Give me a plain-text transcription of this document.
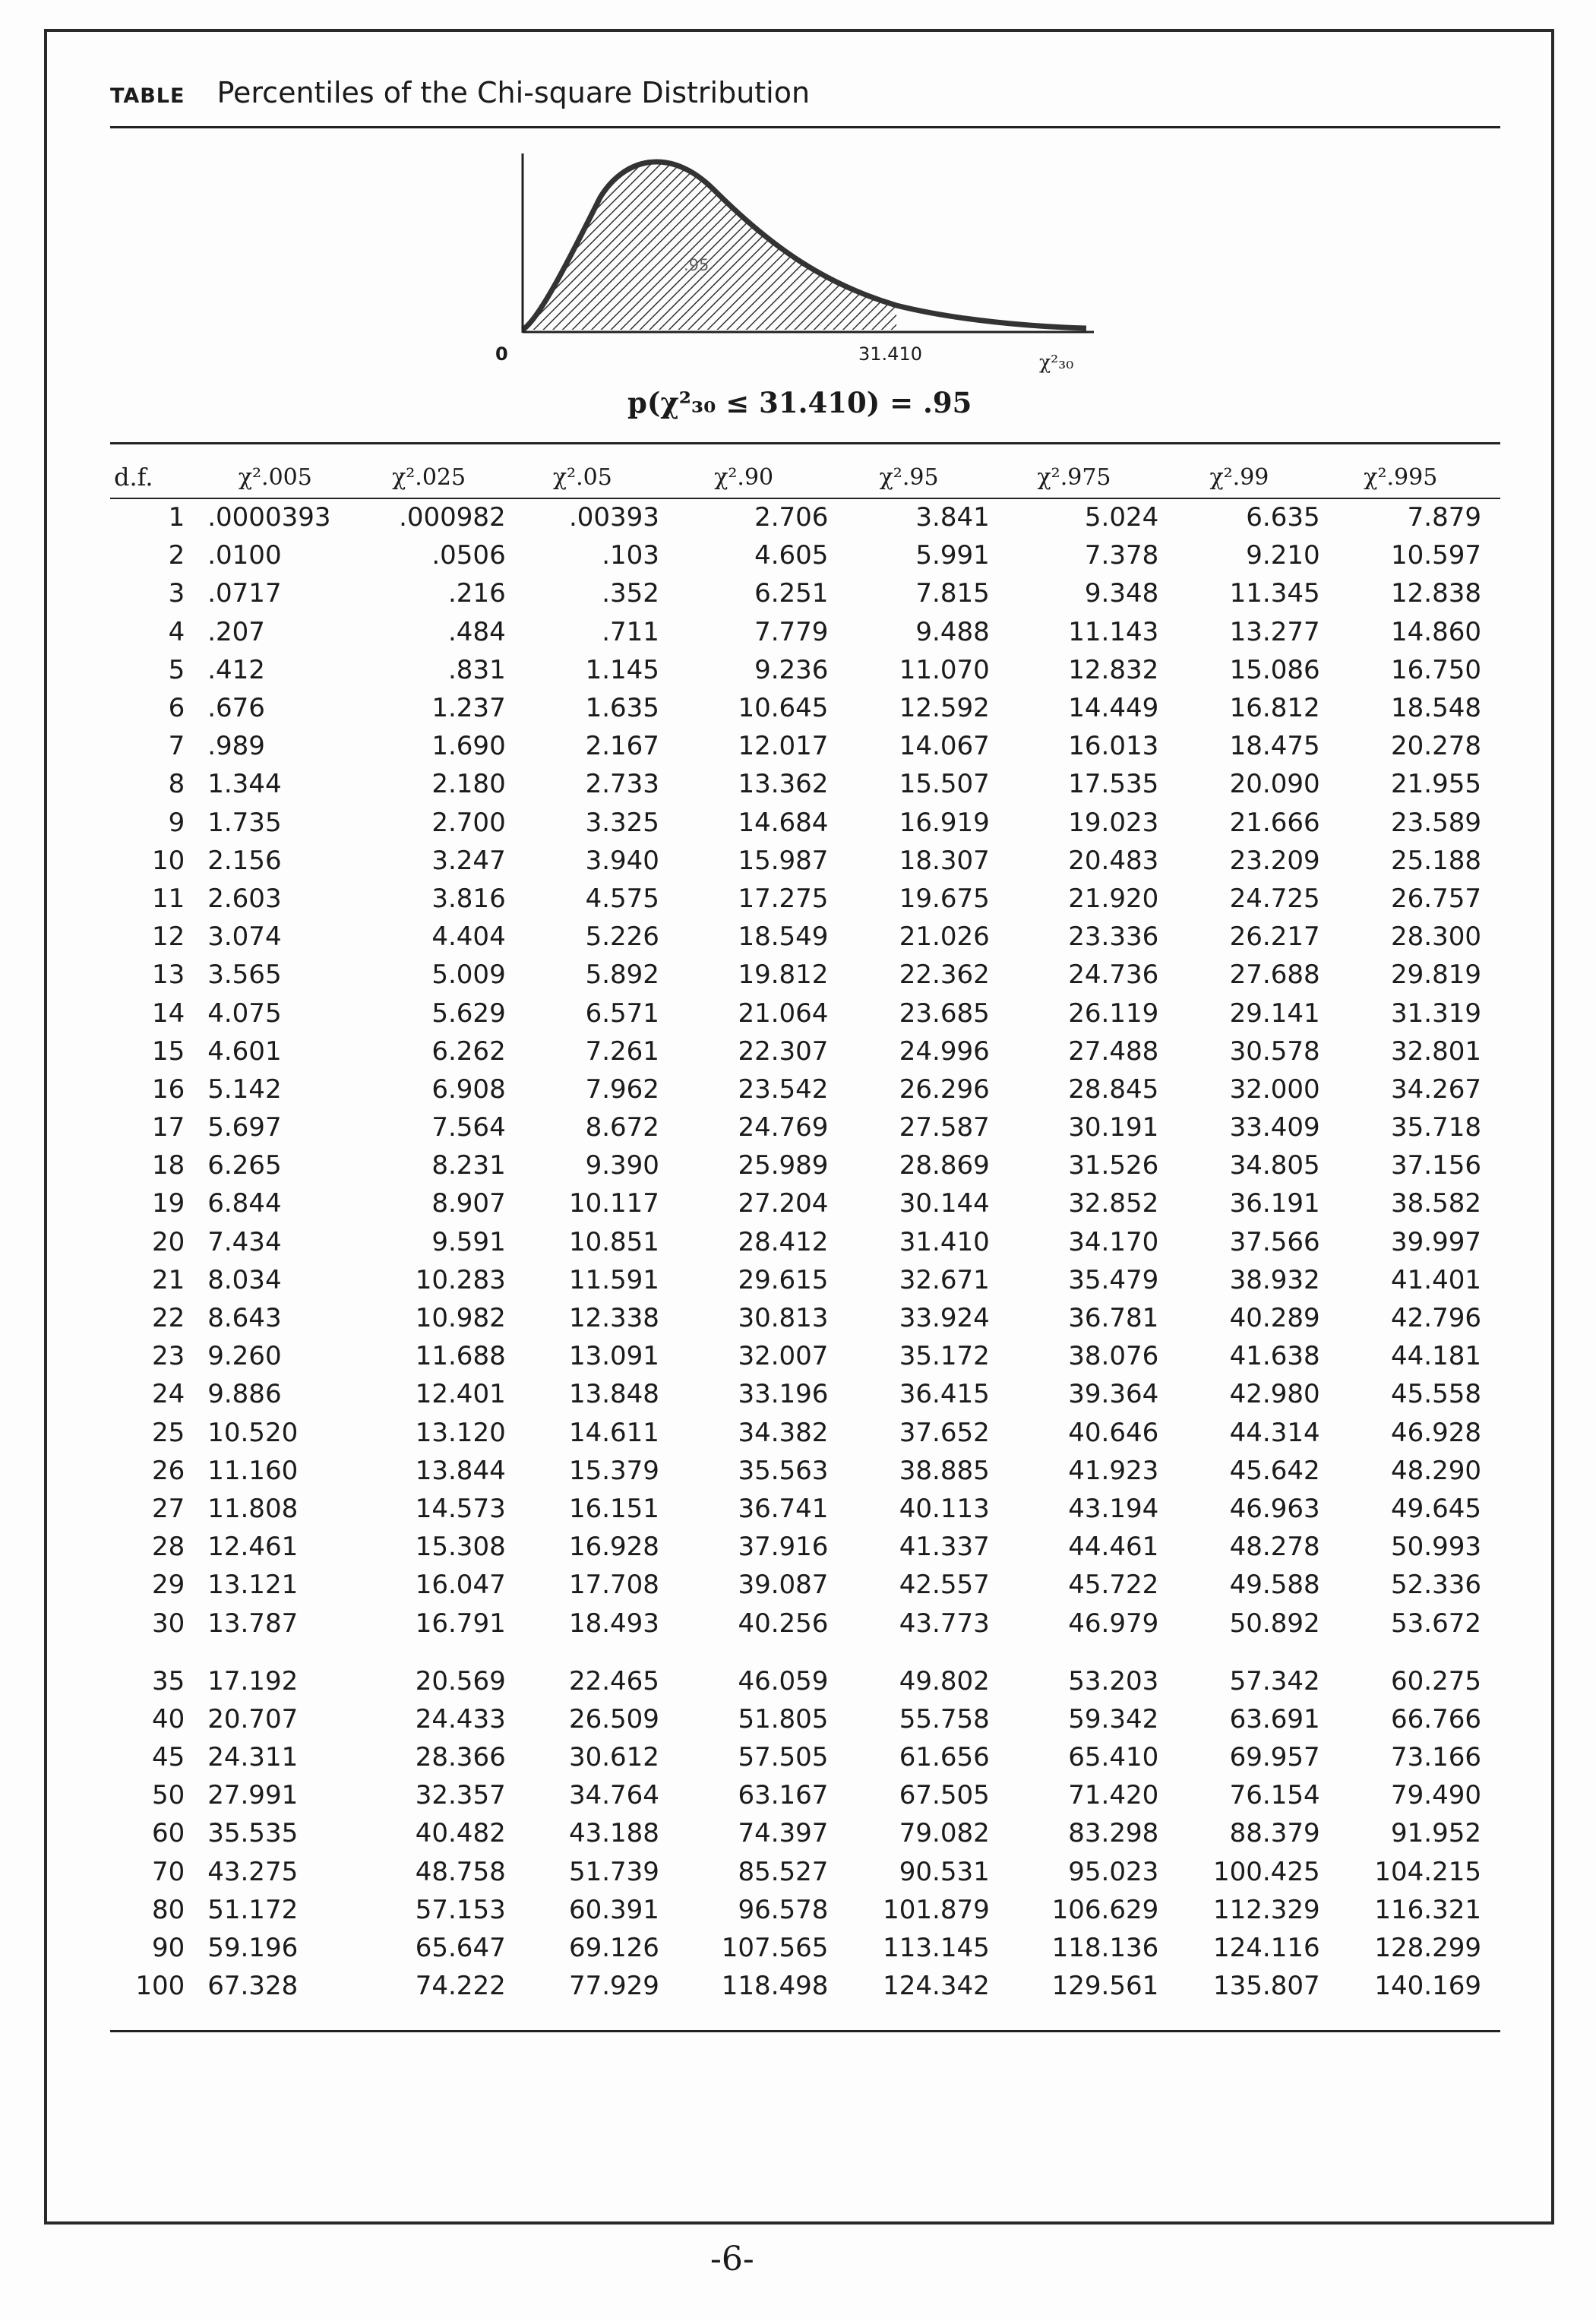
TABLE Percentiles of the Chi-square Distribution
.95
0	31.410	χ²₃₀
p(χ²₃₀ ≤ 31.410) = .95
d.f.	χ².005	χ².025	χ².05	χ².90	χ².95	χ².975	χ².99	χ².995
1	.0000393	.000982	.00393	2.706	3.841	5.024	6.635	7.879
2	.0100	.0506	.103	4.605	5.991	7.378	9.210	10.597
3	.0717	.216	.352	6.251	7.815	9.348	11.345	12.838
4	.207	.484	.711	7.779	9.488	11.143	13.277	14.860
5	.412	.831	1.145	9.236	11.070	12.832	15.086	16.750
6	.676	1.237	1.635	10.645	12.592	14.449	16.812	18.548
7	.989	1.690	2.167	12.017	14.067	16.013	18.475	20.278
8	1.344	2.180	2.733	13.362	15.507	17.535	20.090	21.955
9	1.735	2.700	3.325	14.684	16.919	19.023	21.666	23.589
10	2.156	3.247	3.940	15.987	18.307	20.483	23.209	25.188
11	2.603	3.816	4.575	17.275	19.675	21.920	24.725	26.757
12	3.074	4.404	5.226	18.549	21.026	23.336	26.217	28.300
13	3.565	5.009	5.892	19.812	22.362	24.736	27.688	29.819
14	4.075	5.629	6.571	21.064	23.685	26.119	29.141	31.319
15	4.601	6.262	7.261	22.307	24.996	27.488	30.578	32.801
16	5.142	6.908	7.962	23.542	26.296	28.845	32.000	34.267
17	5.697	7.564	8.672	24.769	27.587	30.191	33.409	35.718
18	6.265	8.231	9.390	25.989	28.869	31.526	34.805	37.156
19	6.844	8.907	10.117	27.204	30.144	32.852	36.191	38.582
20	7.434	9.591	10.851	28.412	31.410	34.170	37.566	39.997
21	8.034	10.283	11.591	29.615	32.671	35.479	38.932	41.401
22	8.643	10.982	12.338	30.813	33.924	36.781	40.289	42.796
23	9.260	11.688	13.091	32.007	35.172	38.076	41.638	44.181
24	9.886	12.401	13.848	33.196	36.415	39.364	42.980	45.558
25	10.520	13.120	14.611	34.382	37.652	40.646	44.314	46.928
26	11.160	13.844	15.379	35.563	38.885	41.923	45.642	48.290
27	11.808	14.573	16.151	36.741	40.113	43.194	46.963	49.645
28	12.461	15.308	16.928	37.916	41.337	44.461	48.278	50.993
29	13.121	16.047	17.708	39.087	42.557	45.722	49.588	52.336
30	13.787	16.791	18.493	40.256	43.773	46.979	50.892	53.672
35	17.192	20.569	22.465	46.059	49.802	53.203	57.342	60.275
40	20.707	24.433	26.509	51.805	55.758	59.342	63.691	66.766
45	24.311	28.366	30.612	57.505	61.656	65.410	69.957	73.166
50	27.991	32.357	34.764	63.167	67.505	71.420	76.154	79.490
60	35.535	40.482	43.188	74.397	79.082	83.298	88.379	91.952
70	43.275	48.758	51.739	85.527	90.531	95.023	100.425	104.215
80	51.172	57.153	60.391	96.578	101.879	106.629	112.329	116.321
90	59.196	65.647	69.126	107.565	113.145	118.136	124.116	128.299
100	67.328	74.222	77.929	118.498	124.342	129.561	135.807	140.169
-6-
